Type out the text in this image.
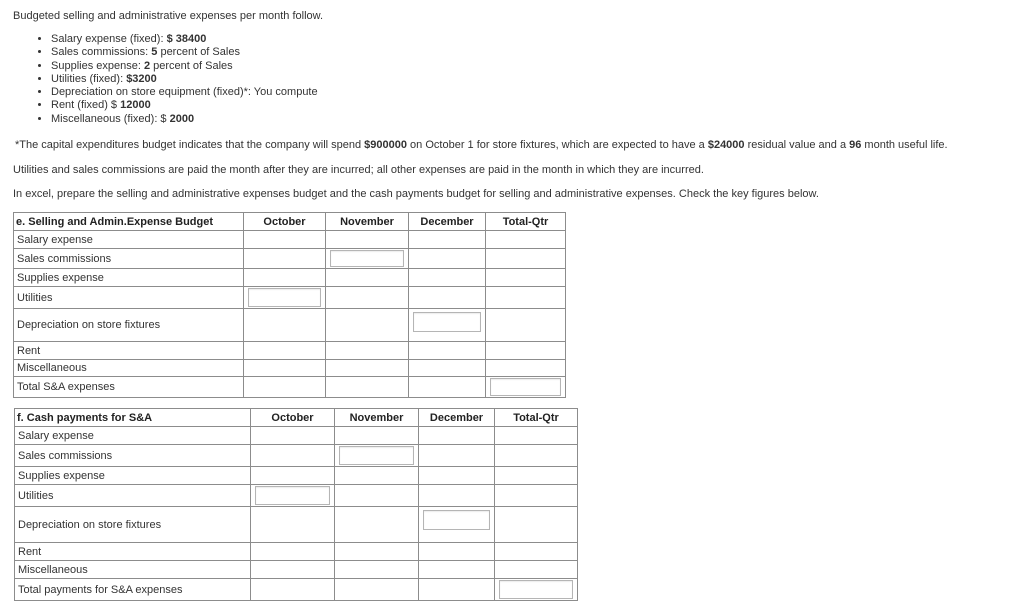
Budgeted selling and administrative expenses per month follow.
• Salary expense (fixed): $ 38400
• Sales commissions: 5 percent of Sales
• Supplies expense: 2 percent of Sales
• Utilities (fixed): $3200
• Depreciation on store equipment (fixed)*: You compute
• Rent (fixed) $ 12000
• Miscellaneous (fixed): $ 2000
*The capital expenditures budget indicates that the company will spend $900000 on October 1 for store fixtures, which are expected to have a $24000 residual value and a 96 month useful life.
Utilities and sales commissions are paid the month after they are incurred; all other expenses are paid in the month in which they are incurred.
In excel, prepare the selling and administrative expenses budget and the cash payments budget for selling and administrative expenses. Check the key figures below.
e. Selling and Admin.Expense Budget	October	November	December	Total-Qtr
Salary expense				
Sales commissions		

Supplies expense				
Utilities	

Depreciation on store fixtures			

Rent				
Miscellaneous				
Total S&A expenses				
f. Cash payments for S&A	October	November	December	Total-Qtr
Salary expense				
Sales commissions		

Supplies expense				
Utilities	

Depreciation on store fixtures			

Rent				
Miscellaneous				
Total payments for S&A expenses				
